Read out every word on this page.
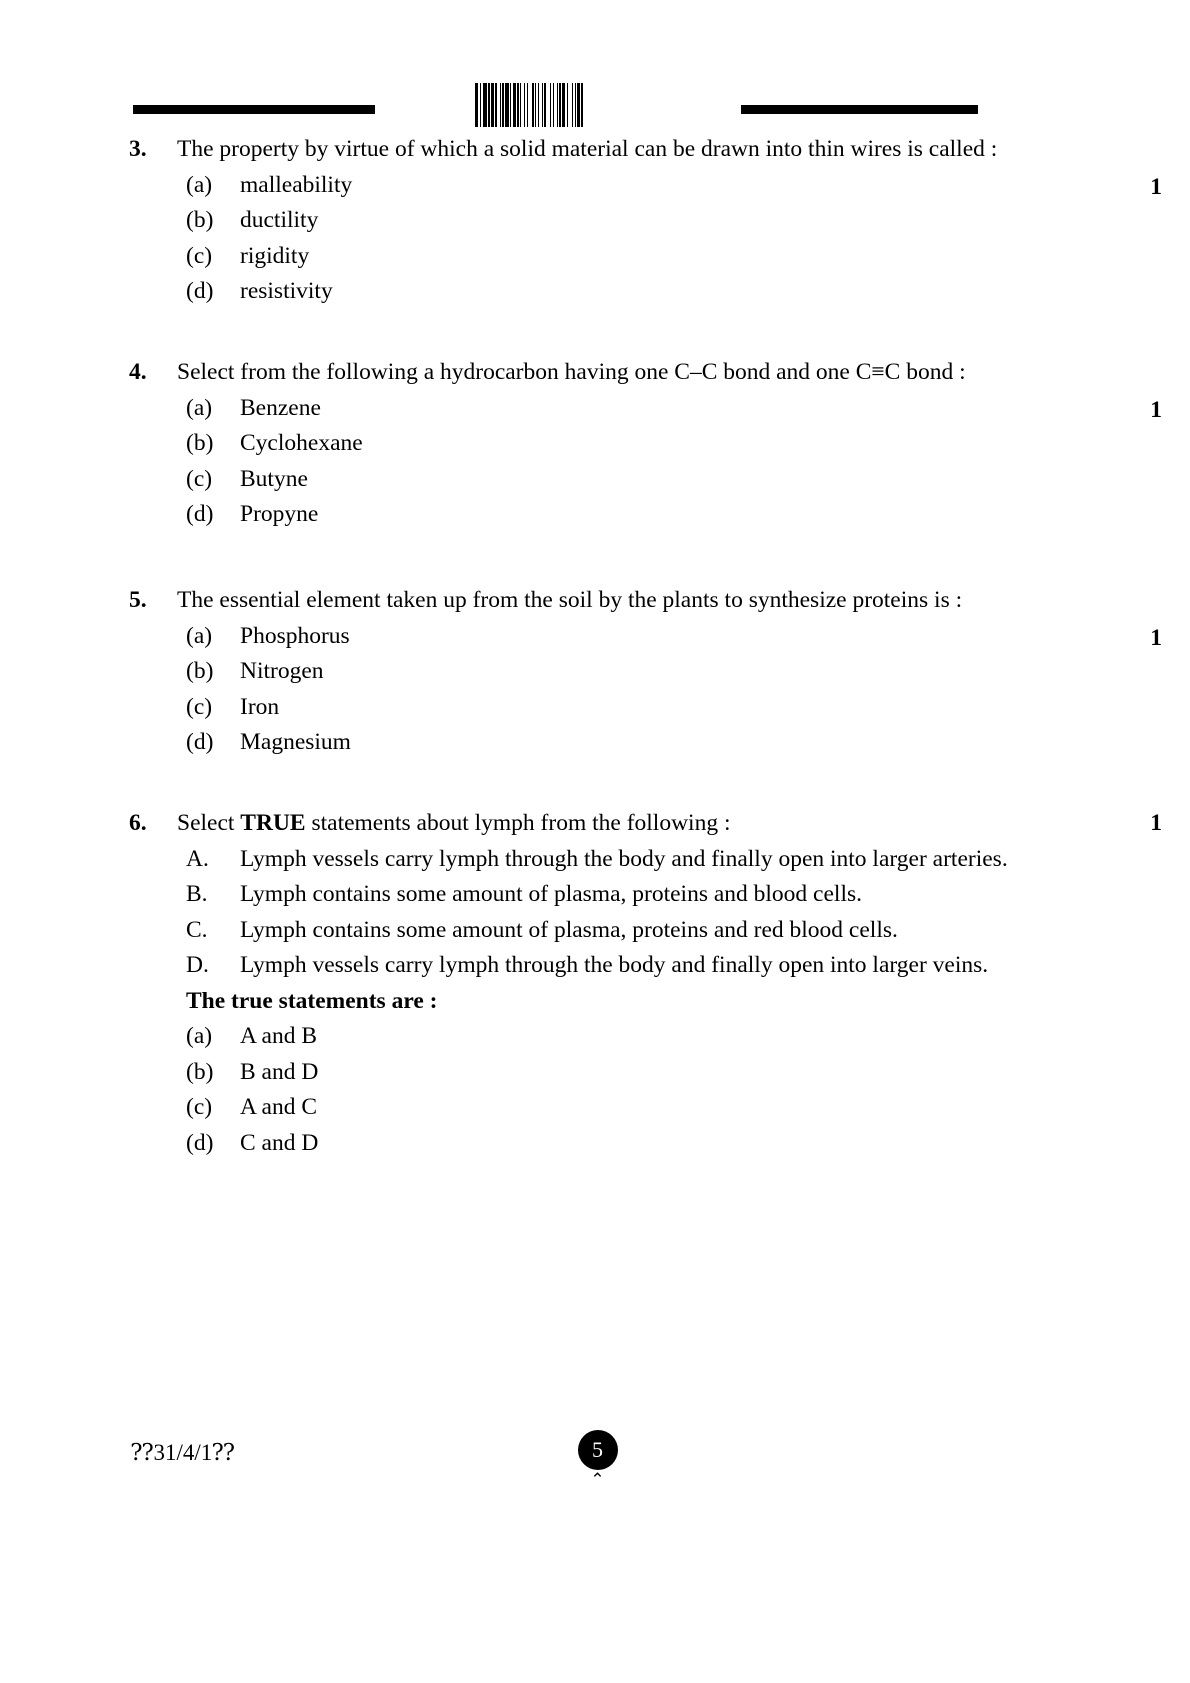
3.	The property by virtue of which a solid material can be drawn into thin wires is called :
1
(a)	malleability
(b)	ductility
(c)	rigidity
(d)	resistivity
4.	Select from the following a hydrocarbon having one C–C bond and one C≡C bond :
1
(a)	Benzene
(b)	Cyclohexane
(c)	Butyne
(d)	Propyne
5.	The essential element taken up from the soil by the plants to synthesize proteins is :
1
(a)	Phosphorus
(b)	Nitrogen
(c)	Iron
(d)	Magnesium
6.	Select TRUE statements about lymph from the following :	1
A.	Lymph vessels carry lymph through the body and finally open into larger arteries.
B.	Lymph contains some amount of plasma, proteins and blood cells.
C.	Lymph contains some amount of plasma, proteins and red blood cells.
D.	Lymph vessels carry lymph through the body and finally open into larger veins.
The true statements are :
(a)	A and B
(b)	B and D
(c)	A and C
(d)	C and D
⁇31/4/1⁇	5
⌃
